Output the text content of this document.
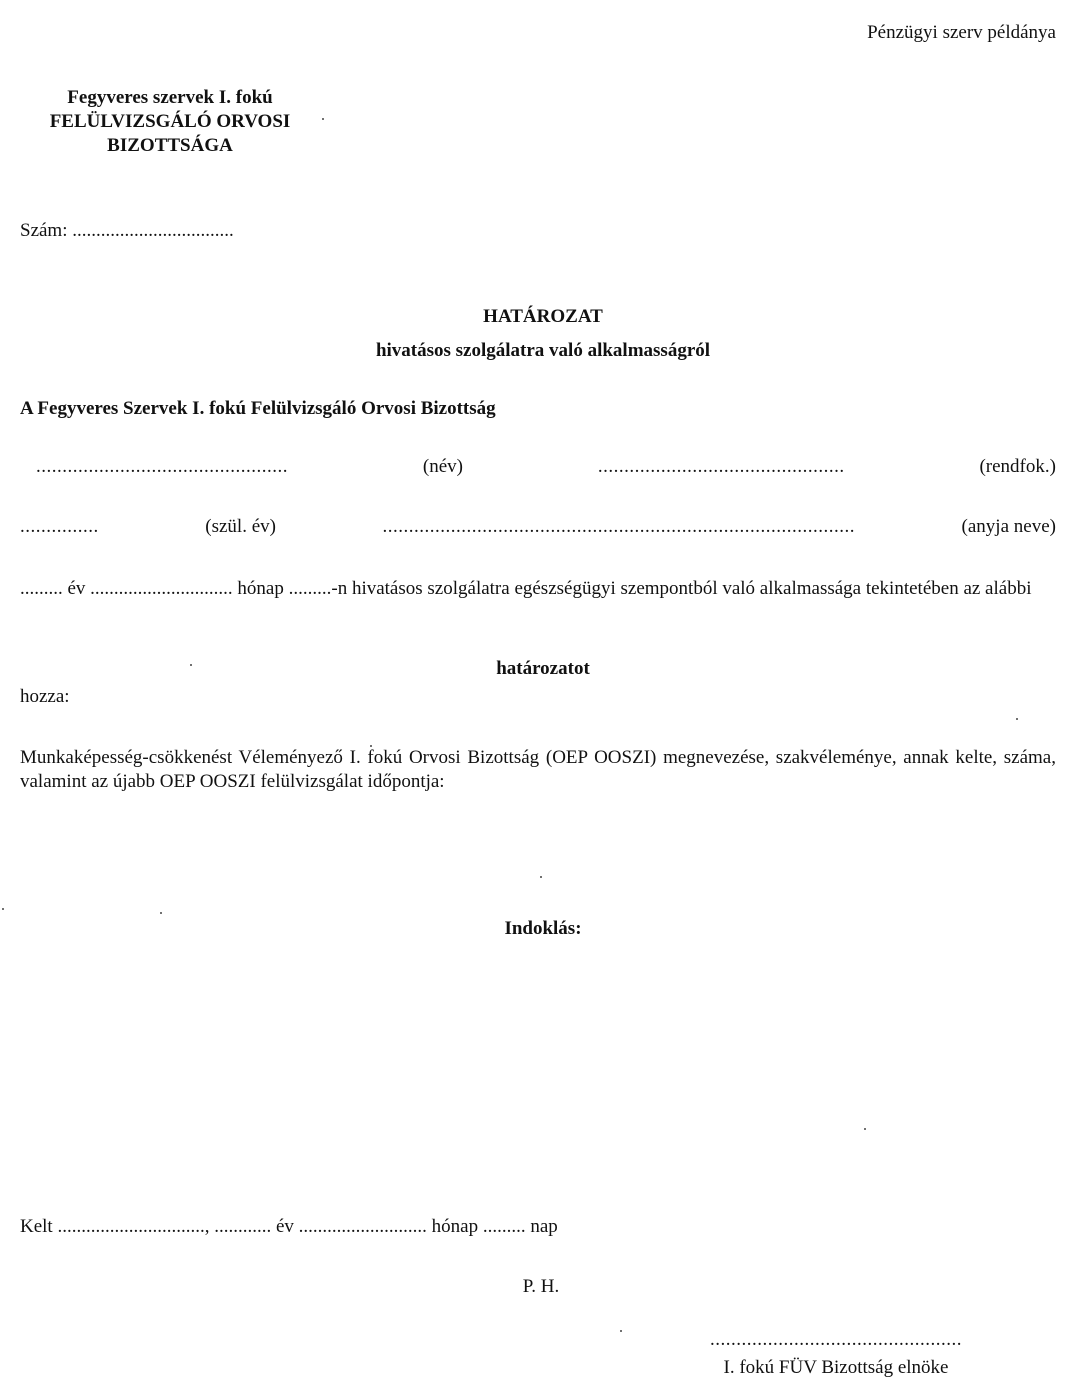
Pénzügyi szerv példánya
Fegyveres szervek I. fokú
FELÜLVIZSGÁLÓ ORVOSI
BIZOTTSÁGA
Szám: ..................................
HATÁROZAT
hivatásos szolgálatra való alkalmasságról
A Fegyveres Szervek I. fokú Felülvizsgáló Orvosi Bizottság
................................................	(név)	...............................................	(rendfok.)
...............	(szül. év)	..........................................................................................	(anyja neve)
......... év .............................. hónap .........-n hivatásos szolgálatra egészségügyi szempontból való alkalmassága tekintetében az alábbi
határozatot
hozza:
Munkaképesség-csökkenést Véleményező I. fokú Orvosi Bizottság (OEP OOSZI) megnevezése, szakvéleménye, annak kelte, száma, valamint az újabb OEP OOSZI felülvizsgálat időpontja:
Indoklás:
Kelt ..............................., ............ év ........................... hónap ......... nap
P. H.
................................................
I. fokú FÜV Bizottság elnöke
